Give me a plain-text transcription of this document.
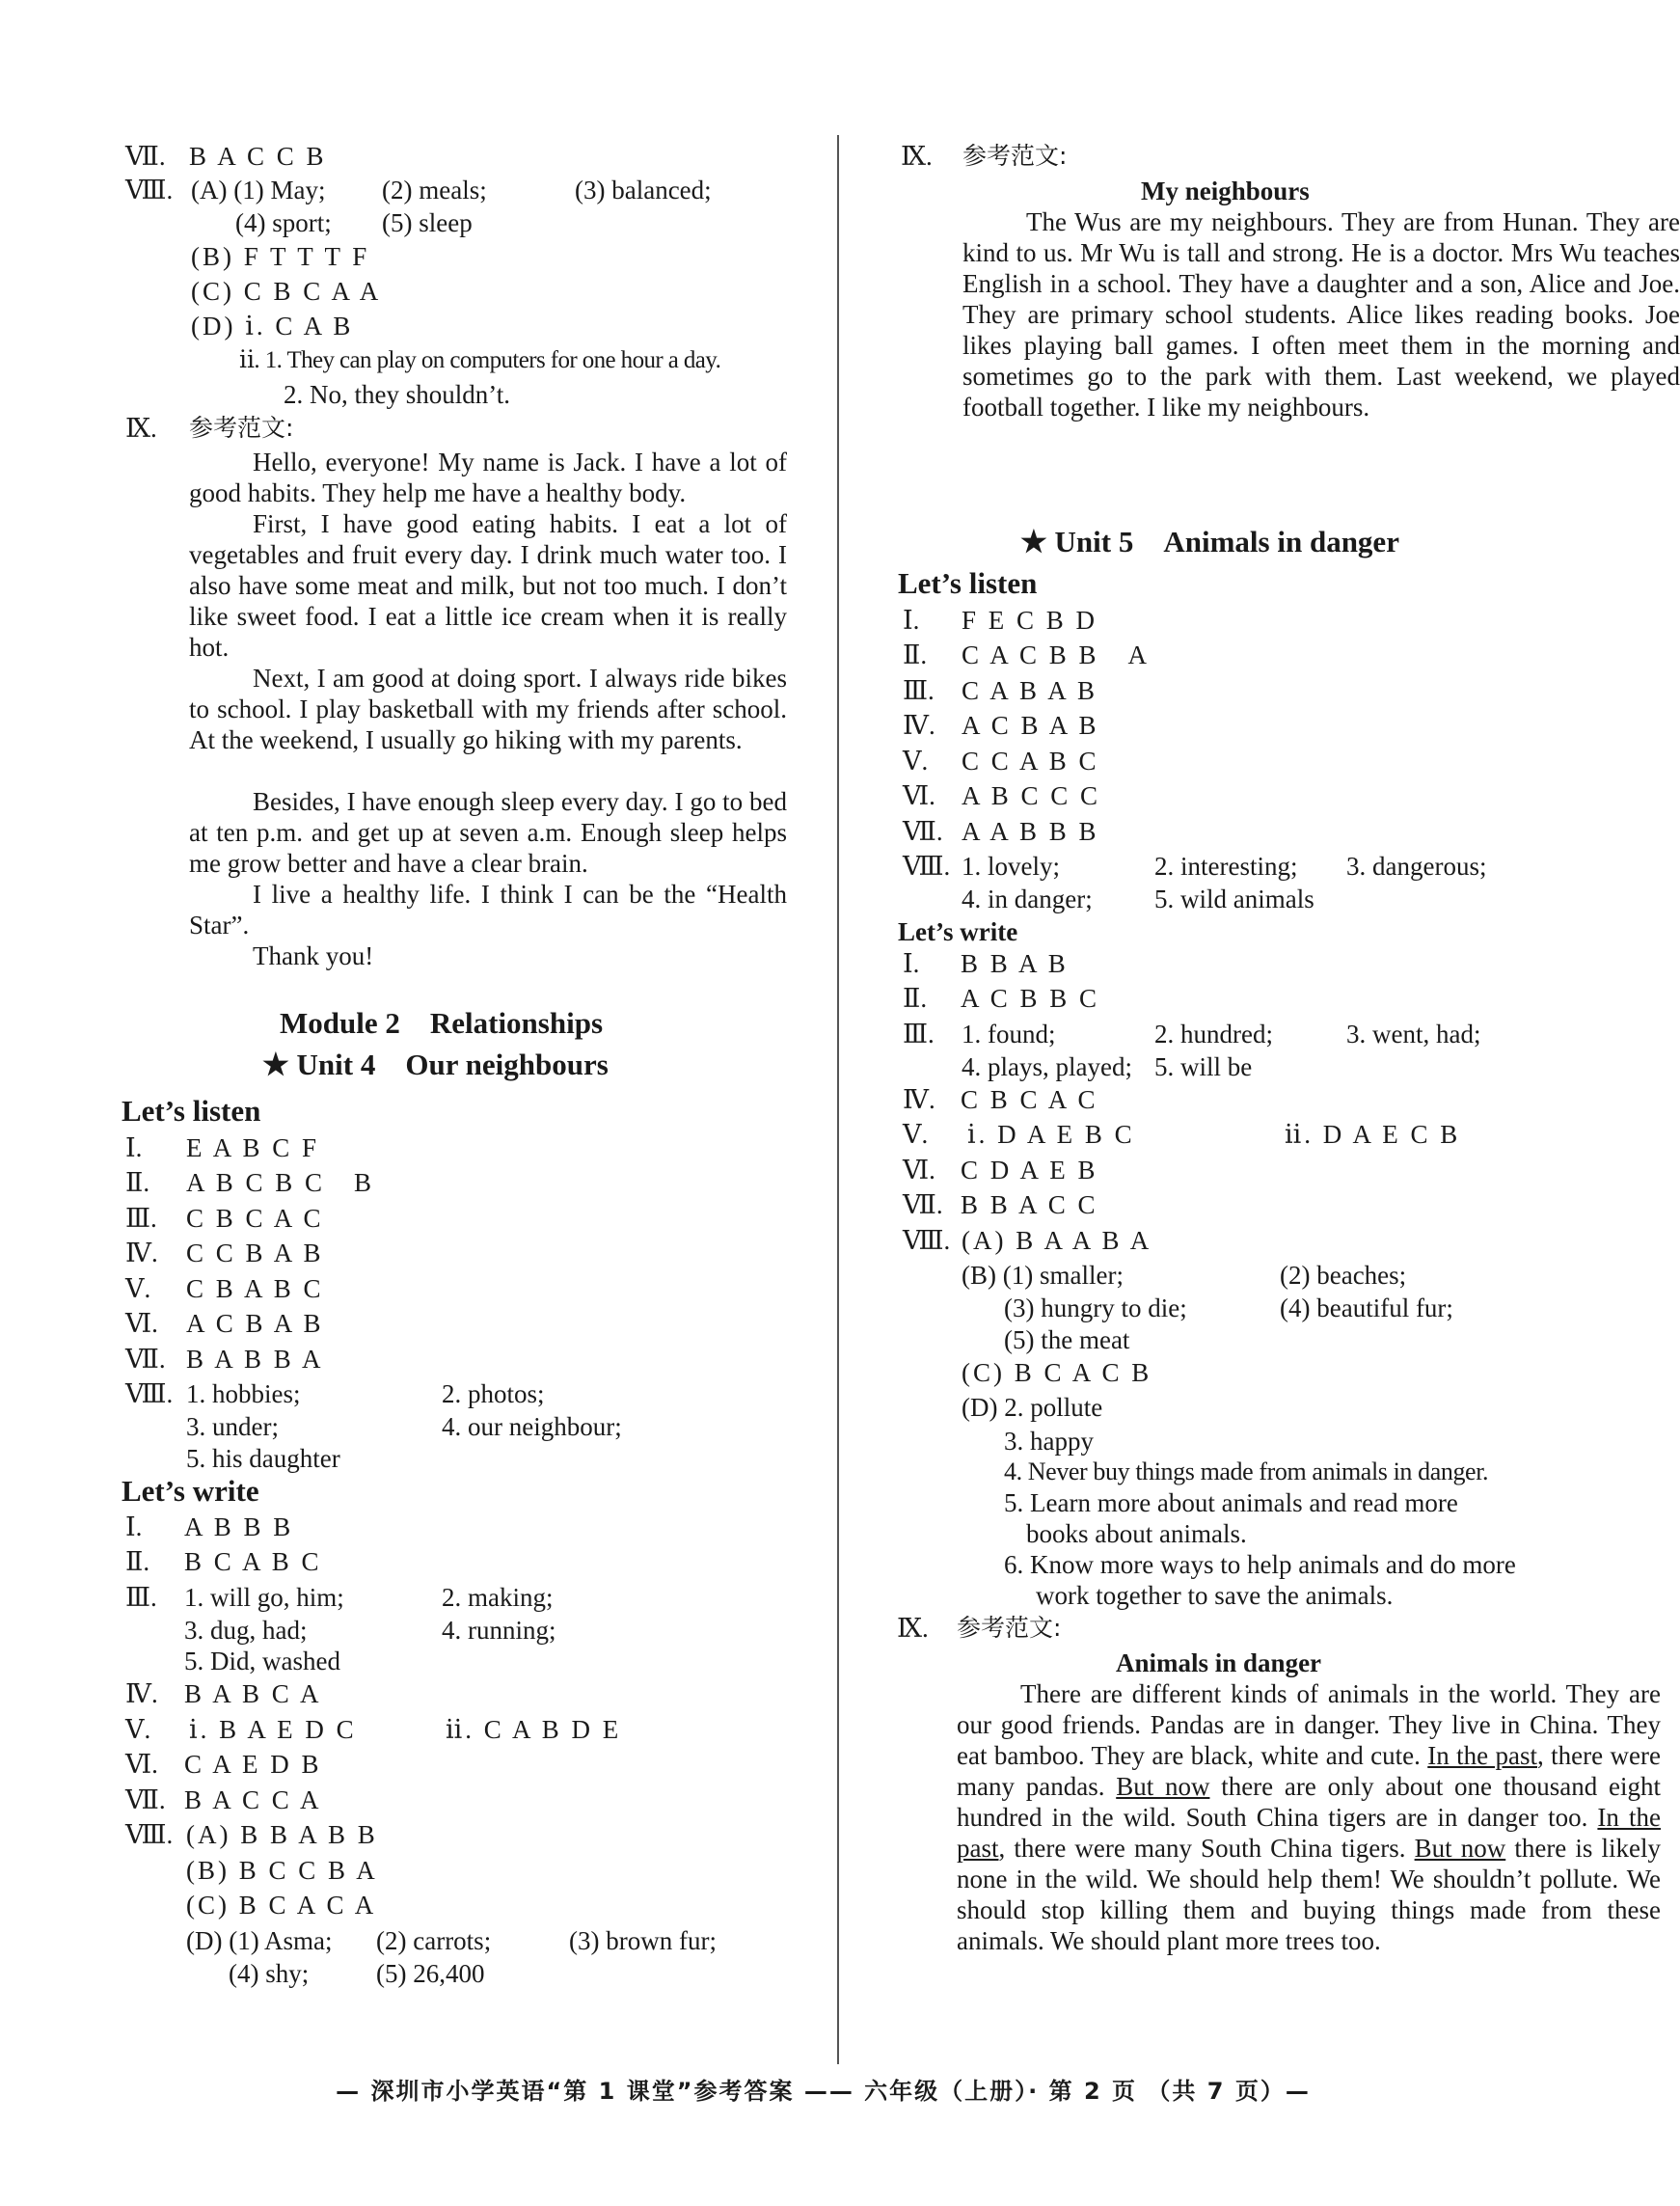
Ⅶ. B A C C B
Ⅷ. (A) (1) May; (2) meals;	(3) balanced;
(4) sport; (5) sleep
(B) F T T T F
(C) C B C A A
(D) ⅰ. C A B
ⅱ. 1. They can play on computers for one hour a day.
2. No, they shouldn’t.
Ⅸ. 参考范文:
Hello, everyone! My name is Jack. I have a lot of good habits. They help me have a healthy body.
First, I have good eating habits. I eat a lot of vegetables and fruit every day. I drink much water too. I also have some meat and milk, but not too much. I don’t like sweet food. I eat a little ice cream when it is really hot.
Next, I am good at doing sport. I always ride bikes to school. I play basketball with my friends after school. At the weekend, I usually go hiking with my parents.
Besides, I have enough sleep every day. I go to bed at ten p.m. and get up at seven a.m. Enough sleep helps me grow better and have a clear brain.
I live a healthy life. I think I can be the “Health Star”.
Thank you!
Module 2　Relationships
★ Unit 4　Our neighbours
Let’s listen
Ⅰ. E A B C F
Ⅱ. A B C B C　B
Ⅲ. C B C A C
Ⅳ. C C B A B
Ⅴ. C B A B C
Ⅵ. A C B A B
Ⅶ. B A B B A
Ⅷ. 1. hobbies;	2. photos;
3. under;	4. our neighbour;
5. his daughter
Let’s write
Ⅰ. A B B B
Ⅱ. B C A B C
Ⅲ. 1. will go, him;	2. making;
3. dug, had;	4. running;
5. Did, washed
Ⅳ. B A B C A
Ⅴ. ⅰ. B A E D C	ⅱ. C A B D E
Ⅵ. C A E D B
Ⅶ. B A C C A
Ⅷ. (A) B B A B B
(B) B C C B A
(C) B C A C A
(D) (1) Asma; (2) carrots;	(3) brown fur;
(4) shy;	(5) 26,400
Ⅸ. 参考范文:
My neighbours
The Wus are my neighbours. They are from Hunan. They are kind to us. Mr Wu is tall and strong. He is a doctor. Mrs Wu teaches English in a school. They have a daughter and a son, Alice and Joe. They are primary school students. Alice likes reading books. Joe likes playing ball games. I often meet them in the morning and sometimes go to the park with them. Last weekend, we played football together. I like my neighbours.
★ Unit 5　Animals in danger
Let’s listen
Ⅰ. F E C B D
Ⅱ. C A C B B　A
Ⅲ. C A B A B
Ⅳ. A C B A B
Ⅴ. C C A B C
Ⅵ. A B C C C
Ⅶ. A A B B B
Ⅷ. 1. lovely;	2. interesting; 3. dangerous;
4. in danger; 5. wild animals
Let’s write
Ⅰ. B B A B
Ⅱ. A C B B C
Ⅲ. 1. found;	2. hundred;	3. went, had;
4. plays, played; 5. will be
Ⅳ. C B C A C
Ⅴ. ⅰ. D A E B C	ⅱ. D A E C B
Ⅵ. C D A E B
Ⅶ. B B A C C
Ⅷ. (A) B A A B A
(B) (1) smaller;	(2) beaches;
(3) hungry to die;	(4) beautiful fur;
(5) the meat
(C) B C A C B
(D) 2. pollute
3. happy
4. Never buy things made from animals in danger.
5. Learn more about animals and read more
books about animals.
6. Know more ways to help animals and do more
work together to save the animals.
Ⅸ. 参考范文:
Animals in danger
There are different kinds of animals in the world. They are our good friends. Pandas are in danger. They live in China. They eat bamboo. They are black, white and cute. In the past, there were many pandas. But now there are only about one thousand eight hundred in the wild. South China tigers are in danger too. In the past, there were many South China tigers. But now there is likely none in the wild. We should help them! We shouldn’t pollute. We should stop killing them and buying things made from these animals. We should plant more trees too.
— 深圳市小学英语“第 1 课堂”参考答案 —— 六年级（上册）· 第 2 页 （共 7 页）—
